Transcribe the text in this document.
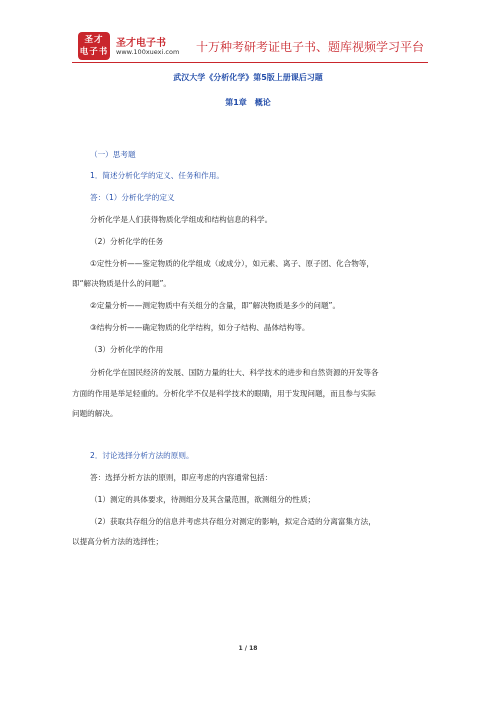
圣才
电子书
圣才电子书
www.100xuexi.com 十万种考研考证电子书、题库视频学习平台
武汉大学《分析化学》第5版上册课后习题
第1章　概论
（一）思考题
1．简述分析化学的定义、任务和作用。
答：（1）分析化学的定义
分析化学是人们获得物质化学组成和结构信息的科学。
（2）分析化学的任务
①定性分析——鉴定物质的化学组成（或成分），如元素、离子、原子团、化合物等，
即“解决物质是什么的问题”。
②定量分析——测定物质中有关组分的含量，即“解决物质是多少的问题”。
③结构分析——确定物质的化学结构，如分子结构、晶体结构等。
（3）分析化学的作用
分析化学在国民经济的发展、国防力量的壮大、科学技术的进步和自然资源的开发等各
方面的作用是举足轻重的。分析化学不仅是科学技术的眼睛，用于发现问题，而且参与实际
问题的解决。
2．讨论选择分析方法的原则。
答：选择分析方法的原则，即应考虑的内容通常包括：
（1）测定的具体要求，待测组分及其含量范围，欲测组分的性质；
（2）获取共存组分的信息并考虑共存组分对测定的影响，拟定合适的分离富集方法，
以提高分析方法的选择性；
1 / 18
